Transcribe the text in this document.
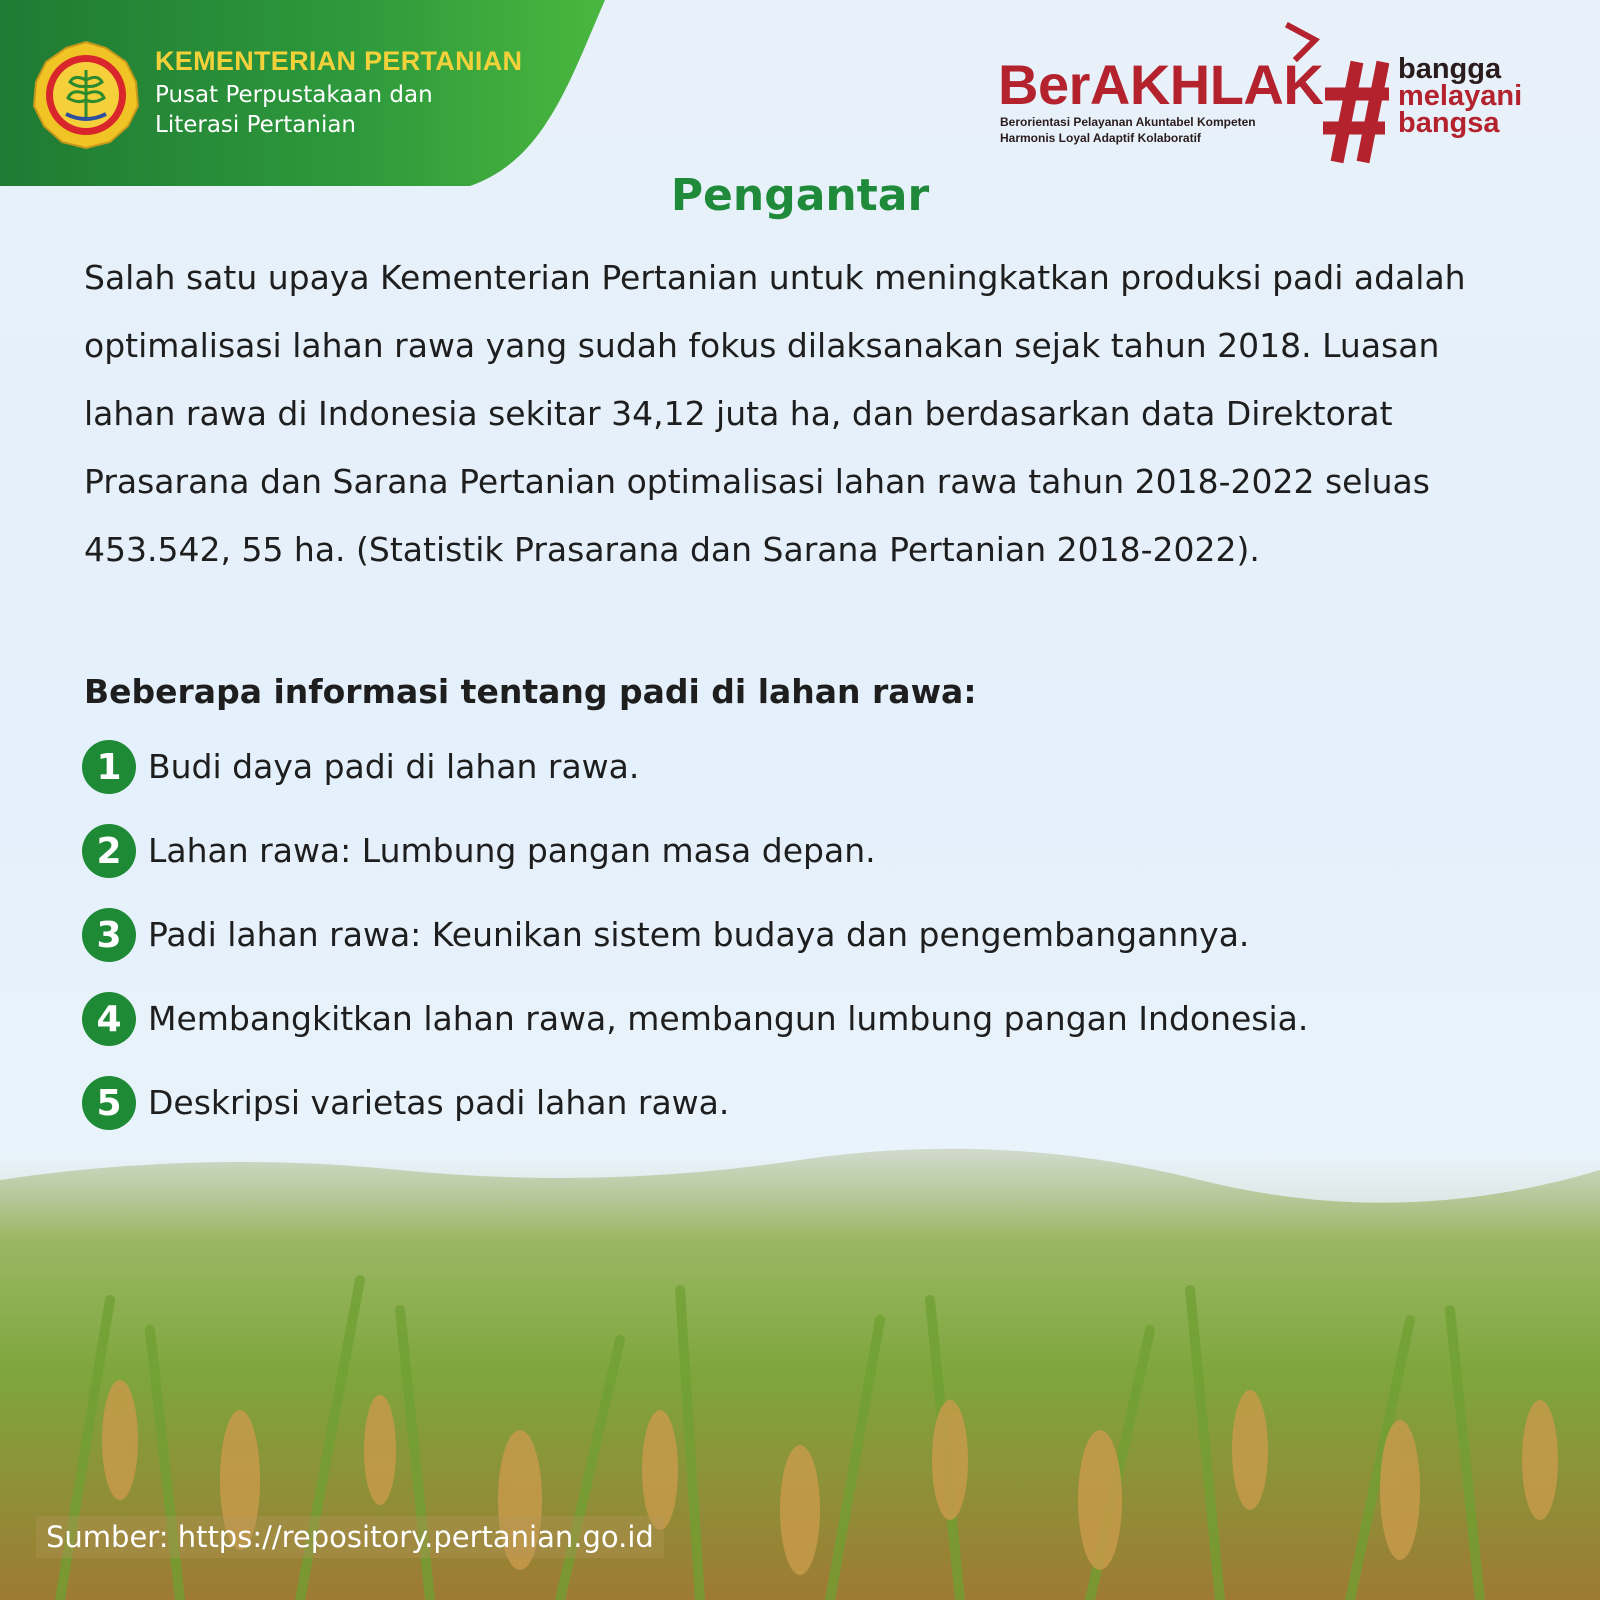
KEMENTERIAN PERTANIAN
Pusat Perpustakaan dan
Literasi Pertanian
BerAKHLAK
Berorientasi Pelayanan Akuntabel Kompeten
Harmonis Loyal Adaptif Kolaboratif
bangga
melayani
bangsa
Pengantar

Salah satu upaya Kementerian Pertanian untuk meningkatkan produksi padi adalah optimalisasi lahan rawa yang sudah fokus dilaksanakan sejak tahun 2018. Luasan lahan rawa di Indonesia sekitar 34,12 juta ha, dan berdasarkan data Direktorat Prasarana dan Sarana Pertanian optimalisasi lahan rawa tahun 2018-2022 seluas 453.542, 55 ha. (Statistik Prasarana dan Sarana Pertanian 2018-2022).

Beberapa informasi tentang padi di lahan rawa:
1 Budi daya padi di lahan rawa.
2 Lahan rawa: Lumbung pangan masa depan.
3 Padi lahan rawa: Keunikan sistem budaya dan pengembangannya.
4 Membangkitkan lahan rawa, membangun lumbung pangan Indonesia.
5 Deskripsi varietas padi lahan rawa.
Sumber: https://repository.pertanian.go.id
